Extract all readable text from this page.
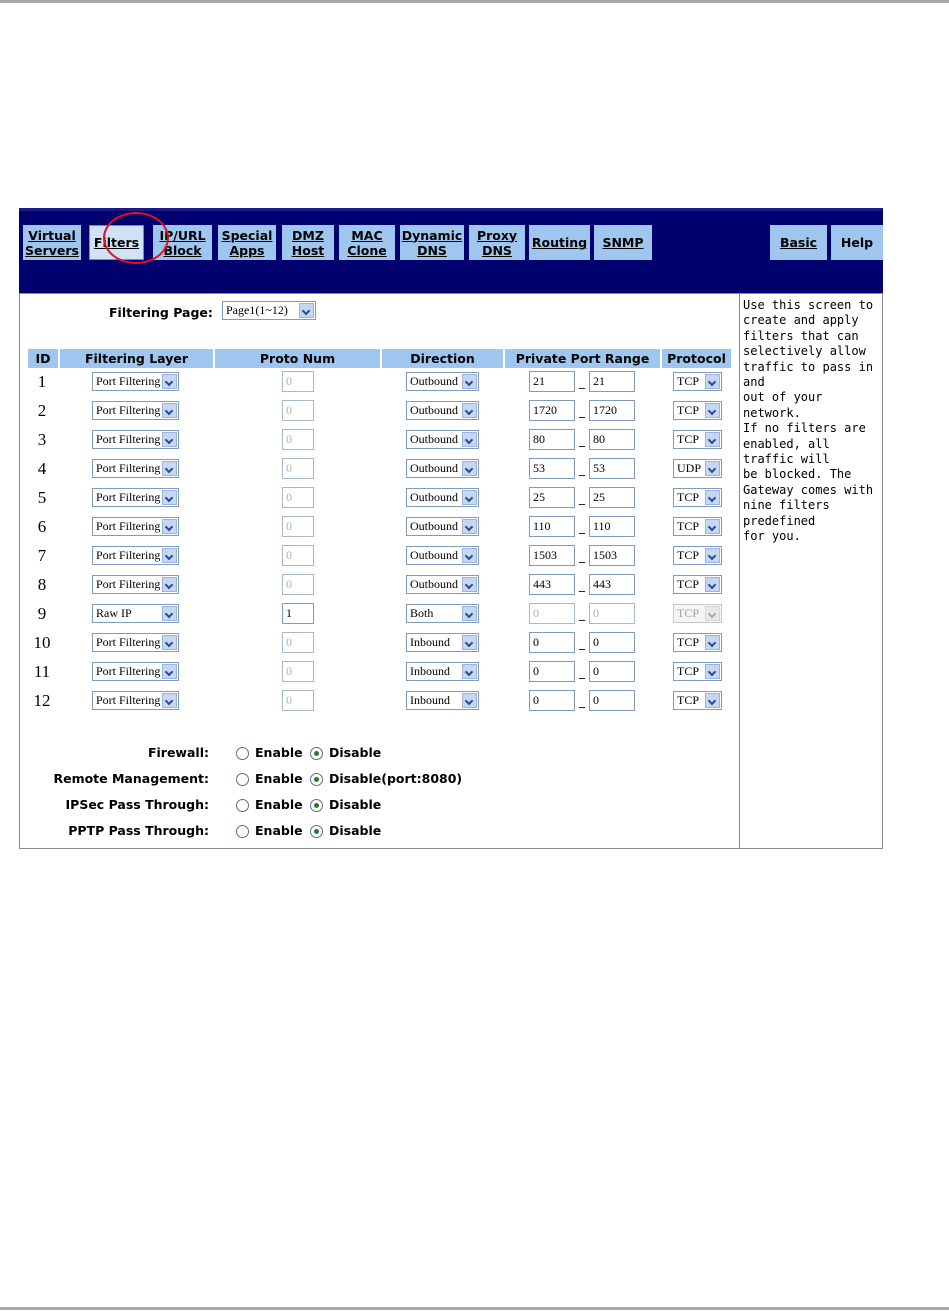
Virtual
Servers Filters IP/URL
Block
Special
Apps
DMZ
Host
MAC
Clone
Dynamic
DNS
Proxy
DNS	Routing SNMP	Basic Help
Filtering Page:	Page1(1~12)
ID	Filtering Layer	Proto Num	Direction	Private Port Range	Protocol
1	Port Filtering	0	Outbound	21	_ 21	TCP
2	Port Filtering	0	Outbound	1720	_ 1720	TCP
3	Port Filtering	0	Outbound	80	_ 80	TCP
4	Port Filtering	0	Outbound	53	_ 53	UDP
5	Port Filtering	0	Outbound	25	_ 25	TCP
6	Port Filtering	0	Outbound	110	_ 110	TCP
7	Port Filtering	0	Outbound	1503	_ 1503	TCP
8	Port Filtering	0	Outbound	443	_ 443	TCP
9	Raw IP	1	Both	0	_ 0	TCP
10	Port Filtering	0	Inbound	0	_ 0	TCP
11	Port Filtering	0	Inbound	0	_ 0	TCP
12	Port Filtering	0	Inbound	0	_ 0	TCP

Use this screen to
create and apply
filters that can
selectively allow
traffic to pass in and
out of your network.
If no filters are
enabled, all traffic will
be blocked. The
Gateway comes with
nine filters predefined
for you.

Firewall:	Enable Disable
Remote Management:	Enable Disable(port:8080)
IPSec Pass Through:	Enable Disable
PPTP Pass Through:	Enable Disable
